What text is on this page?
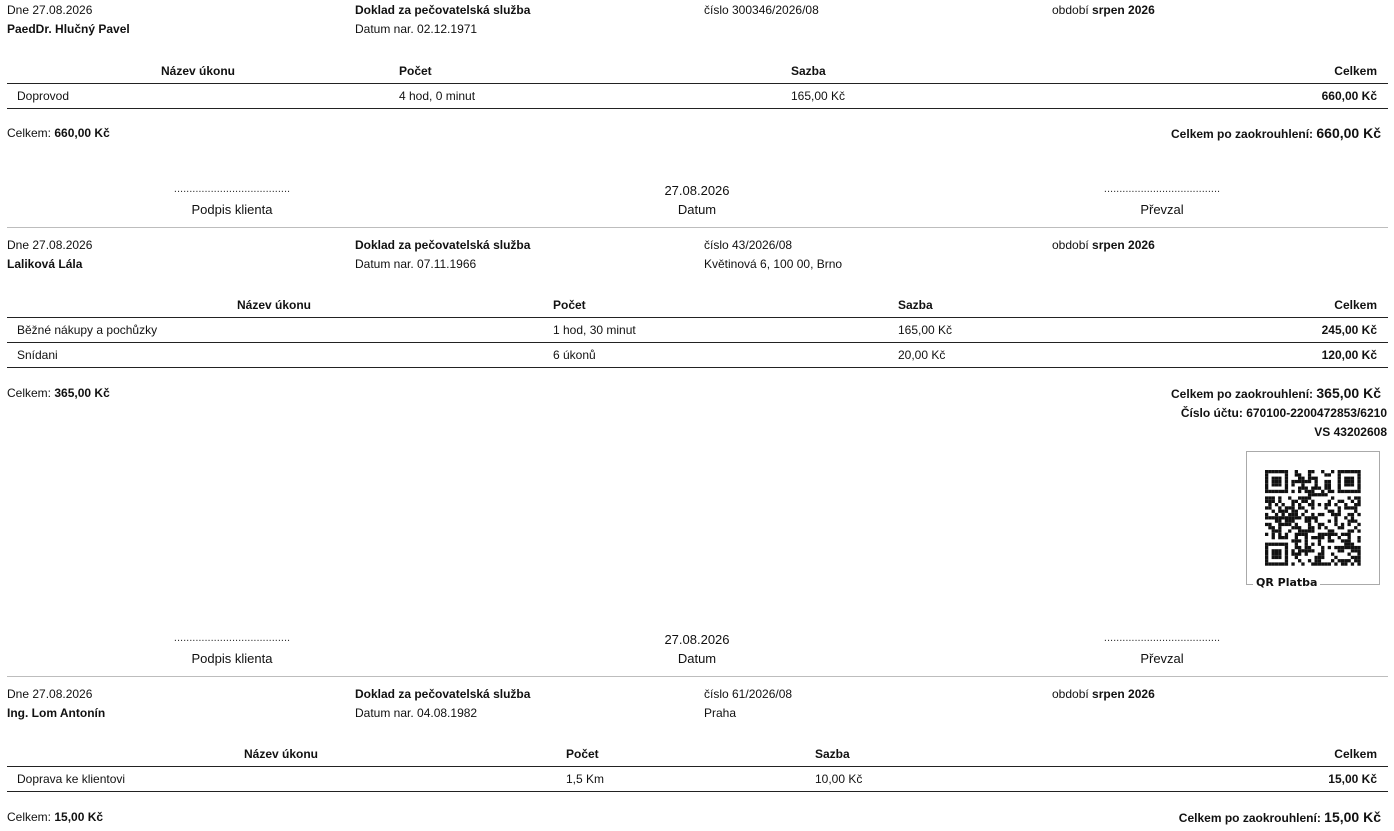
Dne 27.08.2026
PaedDr. Hlučný Pavel
Doklad za pečovatelská služba
Datum nar. 02.12.1971
číslo 300346/2026/08	období srpen 2026
Název úkonu	Počet	Sazba	Celkem
Doprovod	4 hod, 0 minut	165,00 Kč	660,00 Kč
Celkem: 660,00 Kč	Celkem po zaokrouhlení: 660,00 Kč
......................................
Podpis klienta
27.08.2026
Datum
......................................
Převzal
Dne 27.08.2026
Laliková Lála
Doklad za pečovatelská služba
Datum nar. 07.11.1966
číslo 43/2026/08
Květinová 6, 100 00, Brno
období srpen 2026
Název úkonu	Počet	Sazba	Celkem
Běžné nákupy a pochůzky	1 hod, 30 minut	165,00 Kč	245,00 Kč
Snídani	6 úkonů	20,00 Kč	120,00 Kč
Celkem: 365,00 Kč	Celkem po zaokrouhlení: 365,00 Kč
Číslo účtu: 670100-2200472853/6210
VS 43202608
QR Platba
......................................
Podpis klienta
27.08.2026
Datum
......................................
Převzal
Dne 27.08.2026
Ing. Lom Antonín
Doklad za pečovatelská služba
Datum nar. 04.08.1982
číslo 61/2026/08
Praha
období srpen 2026
Název úkonu	Počet	Sazba	Celkem
Doprava ke klientovi	1,5 Km	10,00 Kč	15,00 Kč
Celkem: 15,00 Kč	Celkem po zaokrouhlení: 15,00 Kč
